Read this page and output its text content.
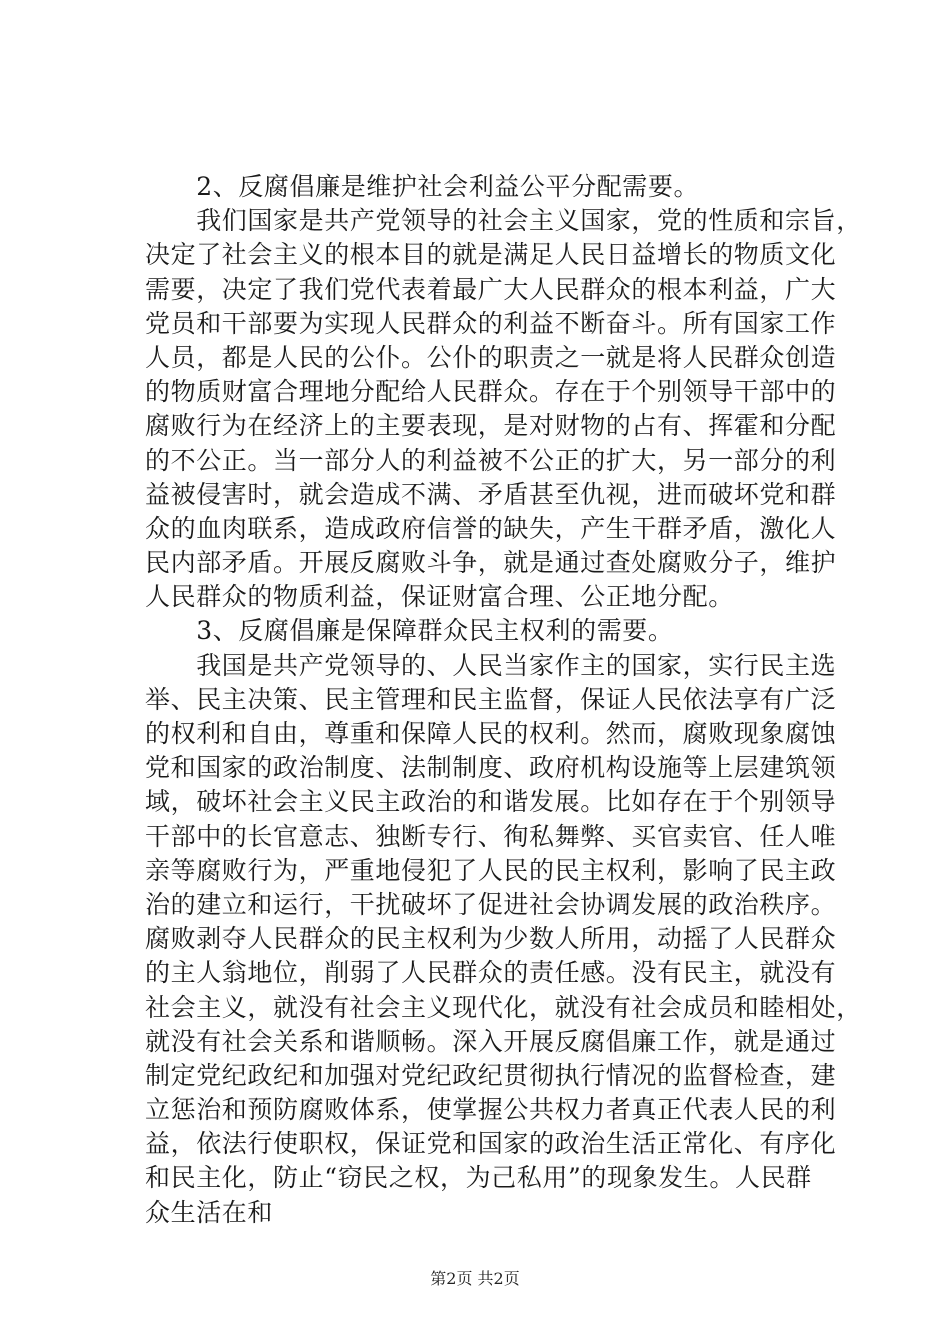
　　2、反腐倡廉是维护社会利益公平分配需要。
　　我们国家是共产党领导的社会主义国家，党的性质和宗旨，
决定了社会主义的根本目的就是满足人民日益增长的物质文化
需要，决定了我们党代表着最广大人民群众的根本利益，广大
党员和干部要为实现人民群众的利益不断奋斗。所有国家工作
人员，都是人民的公仆。公仆的职责之一就是将人民群众创造
的物质财富合理地分配给人民群众。存在于个别领导干部中的
腐败行为在经济上的主要表现，是对财物的占有、挥霍和分配
的不公正。当一部分人的利益被不公正的扩大，另一部分的利
益被侵害时，就会造成不满、矛盾甚至仇视，进而破坏党和群
众的血肉联系，造成政府信誉的缺失，产生干群矛盾，激化人
民内部矛盾。开展反腐败斗争，就是通过查处腐败分子，维护
人民群众的物质利益，保证财富合理、公正地分配。
　　3、反腐倡廉是保障群众民主权利的需要。
　　我国是共产党领导的、人民当家作主的国家，实行民主选
举、民主决策、民主管理和民主监督，保证人民依法享有广泛
的权利和自由，尊重和保障人民的权利。然而，腐败现象腐蚀
党和国家的政治制度、法制制度、政府机构设施等上层建筑领
域，破坏社会主义民主政治的和谐发展。比如存在于个别领导
干部中的长官意志、独断专行、徇私舞弊、买官卖官、任人唯
亲等腐败行为，严重地侵犯了人民的民主权利，影响了民主政
治的建立和运行，干扰破坏了促进社会协调发展的政治秩序。
腐败剥夺人民群众的民主权利为少数人所用，动摇了人民群众
的主人翁地位，削弱了人民群众的责任感。没有民主，就没有
社会主义，就没有社会主义现代化，就没有社会成员和睦相处，
就没有社会关系和谐顺畅。深入开展反腐倡廉工作，就是通过
制定党纪政纪和加强对党纪政纪贯彻执行情况的监督检查，建
立惩治和预防腐败体系，使掌握公共权力者真正代表人民的利
益，依法行使职权，保证党和国家的政治生活正常化、有序化
和民主化，防止“窃民之权，为己私用”的现象发生。人民群
众生活在和
第2页 共2页
